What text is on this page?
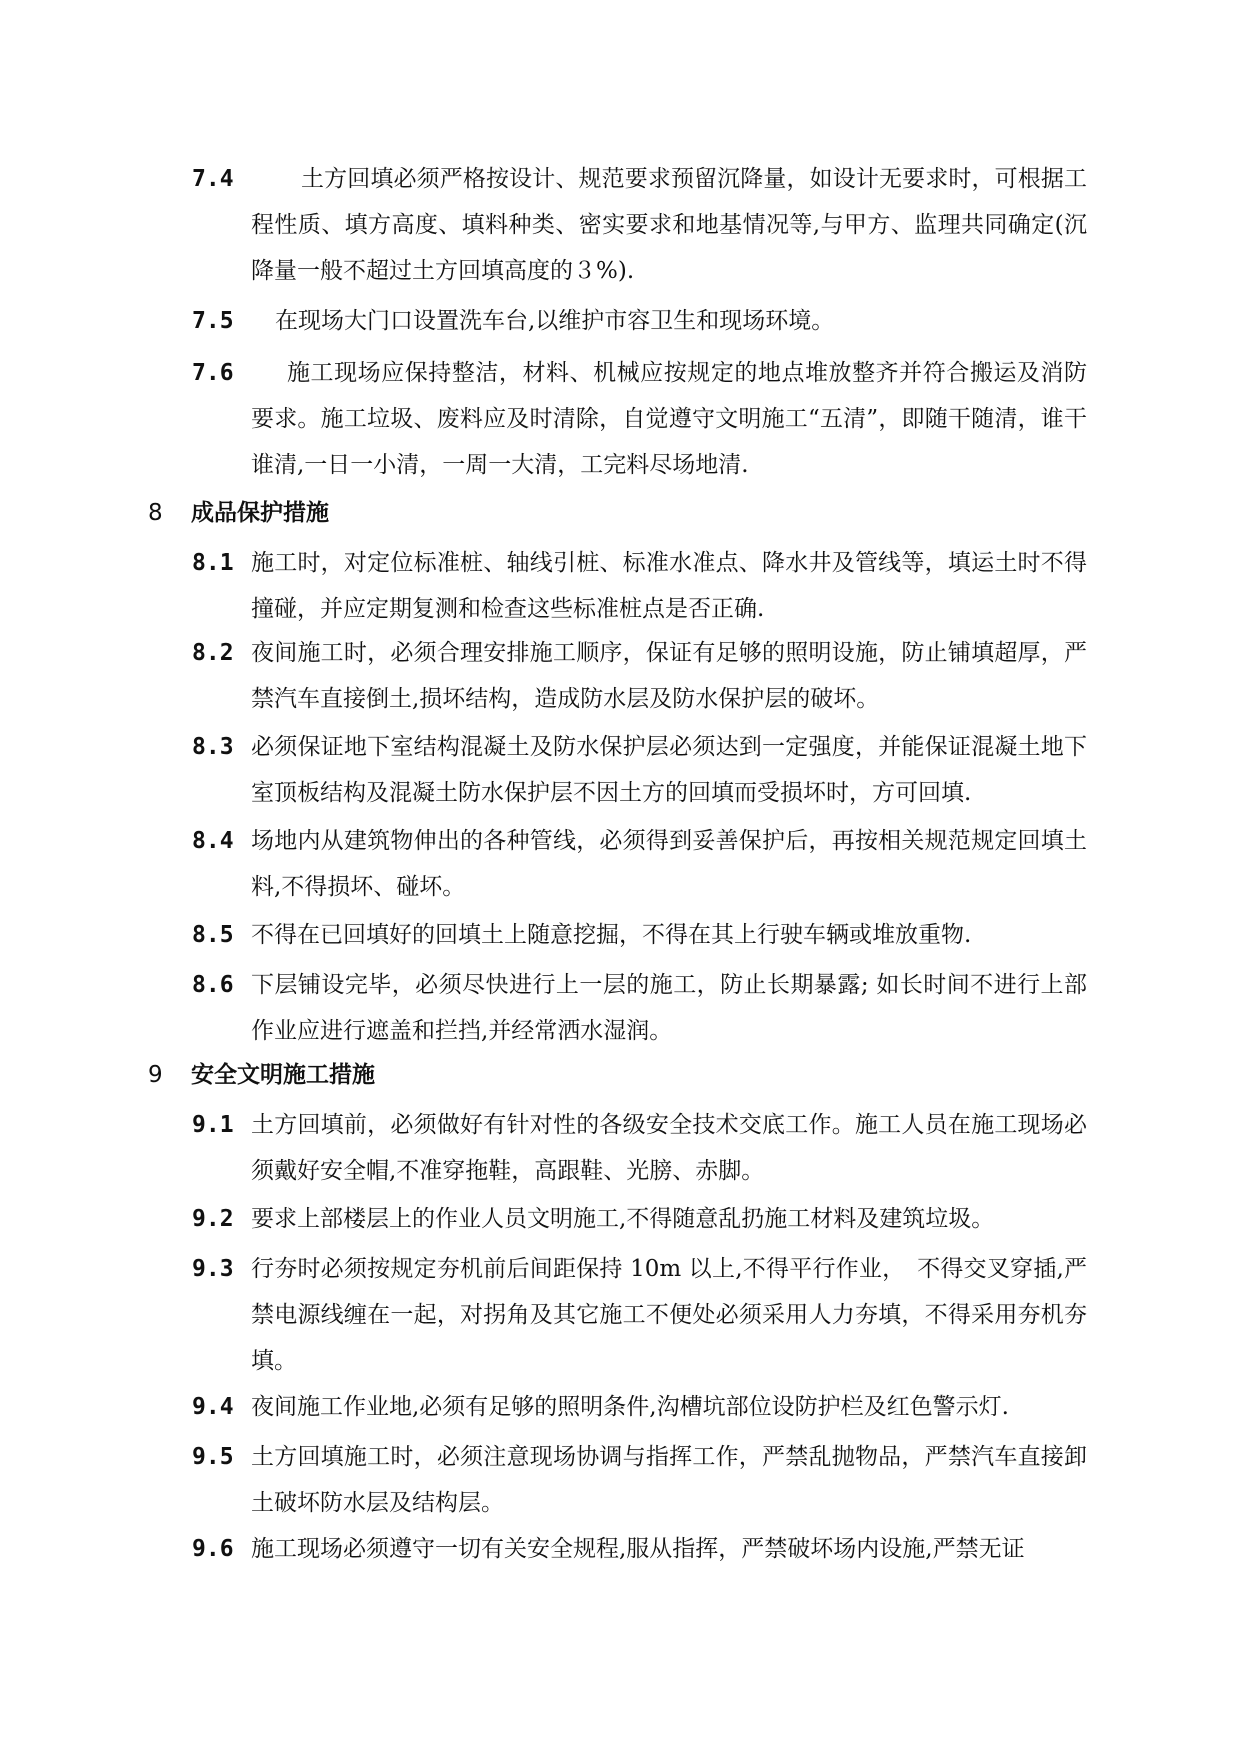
7.4	土方回填必须严格按设计、规范要求预留沉降量，如设计无要求时，可根据工程性质、填方高度、填料种类、密实要求和地基情况等,与甲方、监理共同确定(沉降量一般不超过土方回填高度的３%).
7.5	在现场大门口设置洗车台,以维护市容卫生和现场环境。
7.6	施工现场应保持整洁，材料、机械应按规定的地点堆放整齐并符合搬运及消防要求。施工垃圾、废料应及时清除，自觉遵守文明施工“五清”，即随干随清，谁干谁清,一日一小清，一周一大清，工完料尽场地清.
8 成品保护措施
8.1 施工时，对定位标准桩、轴线引桩、标准水准点、降水井及管线等，填运土时不得撞碰，并应定期复测和检查这些标准桩点是否正确.
8.2 夜间施工时，必须合理安排施工顺序，保证有足够的照明设施，防止铺填超厚，严禁汽车直接倒土,损坏结构，造成防水层及防水保护层的破坏。
8.3 必须保证地下室结构混凝土及防水保护层必须达到一定强度，并能保证混凝土地下室顶板结构及混凝土防水保护层不因土方的回填而受损坏时，方可回填.
8.4 场地内从建筑物伸出的各种管线，必须得到妥善保护后，再按相关规范规定回填土料,不得损坏、碰坏。
8.5 不得在已回填好的回填土上随意挖掘，不得在其上行驶车辆或堆放重物.
8.6 下层铺设完毕，必须尽快进行上一层的施工，防止长期暴露; 如长时间不进行上部作业应进行遮盖和拦挡,并经常洒水湿润。
9 安全文明施工措施
9.1 土方回填前，必须做好有针对性的各级安全技术交底工作。施工人员在施工现场必须戴好安全帽,不准穿拖鞋，高跟鞋、光膀、赤脚。
9.2 要求上部楼层上的作业人员文明施工,不得随意乱扔施工材料及建筑垃圾。
9.3 行夯时必须按规定夯机前后间距保持 10m 以上,不得平行作业，　不得交叉穿插,严禁电源线缠在一起，对拐角及其它施工不便处必须采用人力夯填，不得采用夯机夯填。
9.4 夜间施工作业地,必须有足够的照明条件,沟槽坑部位设防护栏及红色警示灯.
9.5 土方回填施工时，必须注意现场协调与指挥工作，严禁乱抛物品，严禁汽车直接卸土破坏防水层及结构层。
9.6 施工现场必须遵守一切有关安全规程,服从指挥，严禁破坏场内设施,严禁无证
